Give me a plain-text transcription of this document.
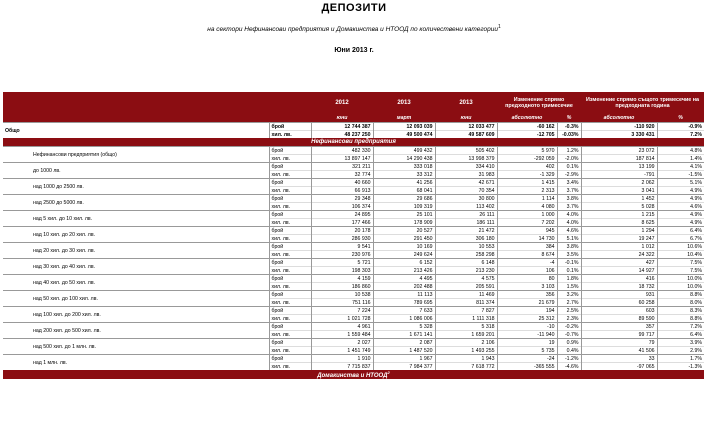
ДЕПОЗИТИ
на сектори Нефинансови предприятия и Домакинства и НТООД по количествени категории$^1$
Юни 2013 г.
		2012	2013	2013	Изменение спрямо предходното тримесечие		Изменение спрямо същото тримесечие на предходната година	
		юни	март	юни	абсолютно	%	абсолютно	%
Общо	брой	12 744 387	12 093 039	12 033 477	-60 162	-0.3%	-110 920	-0.9%
	хил. лв.	48 237 250	49 500 474	49 587 609	-12 705	-0.03%	3 330 431	7.2%
Нефинансови предприятия								
Нефинансови предприятия (общо)	брой	482 330	499 432	505 402	5 970	1.2%	23 072	4.8%
	хил. лв.	13 897 147	14 290 438	13 998 379	-292 059	-2.0%	187 814	1.4%
до 1000 лв.	брой	321 211	333 018	334 410	402	0.1%	13 199	4.1%
	хил. лв.	32 774	33 312	31 983	-1 329	-2.9%	-791	-1.5%
над 1000 до 2500 лв.	брой	40 660	41 256	42 671	1 415	3.4%	2 062	5.1%
	хил. лв.	66 913	68 041	70 354	2 313	3.7%	3 041	4.9%
над 2500 до 5000 лв.	брой	29 348	29 686	30 800	1 114	3.8%	1 452	4.9%
	хил. лв.	106 374	109 319	113 402	4 080	3.7%	5 028	4.6%
над 5 хил. до 10 хил. лв.	брой	24 895	25 101	26 111	1 000	4.0%	1 215	4.9%
	хил. лв.	177 466	178 909	186 111	7 202	4.0%	8 625	4.9%
над 10 хил. до 20 хил. лв.	брой	20 178	20 527	21 472	945	4.6%	1 294	6.4%
	хил. лв.	286 930	291 450	306 180	14 730	5.1%	19 247	6.7%
над 20 хил. до 30 хил. лв.	брой	9 541	10 169	10 553	384	3.8%	1 012	10.6%
	хил. лв.	230 976	249 624	258 298	8 674	3.5%	24 322	10.4%
над 30 хил. до 40 хил. лв.	брой	5 721	6 152	6 148	-4	-0.1%	427	7.5%
	хил. лв.	198 303	213 426	213 230	106	0.1%	14 927	7.5%
над 40 хил. до 50 хил. лв.	брой	4 159	4 495	4 575	80	1.8%	416	10.0%
	хил. лв.	186 860	202 488	205 591	3 103	1.5%	18 732	10.0%
над 50 хил. до 100 хил. лв.	брой	10 538	11 113	11 469	356	3.2%	931	8.8%
	хил. лв.	751 116	789 695	811 374	21 679	2.7%	60 258	8.0%
над 100 хил. до 200 хил. лв.	брой	7 224	7 633	7 827	194	2.5%	603	8.3%
	хил. лв.	1 021 728	1 086 006	1 111 318	25 312	2.3%	89 590	8.8%
над 200 хил. до 500 хил. лв.	брой	4 961	5 328	5 318	-10	-0.2%	357	7.2%
	хил. лв.	1 559 484	1 671 141	1 659 201	-11 940	-0.7%	99 717	6.4%
над 500 хил. до 1 млн. лв.	брой	2 027	2 087	2 106	19	0.9%	79	3.9%
	хил. лв.	1 451 749	1 487 520	1 493 255	5 735	0.4%	41 506	2.9%
над 1 млн. лв.	брой	1 910	1 967	1 943	-24	-1.2%	33	1.7%
	хил. лв.	7 715 837	7 984 377	7 618 772	-365 555	-4.6%	-97 065	-1.3%
Домакинства и НТООД$^2$
